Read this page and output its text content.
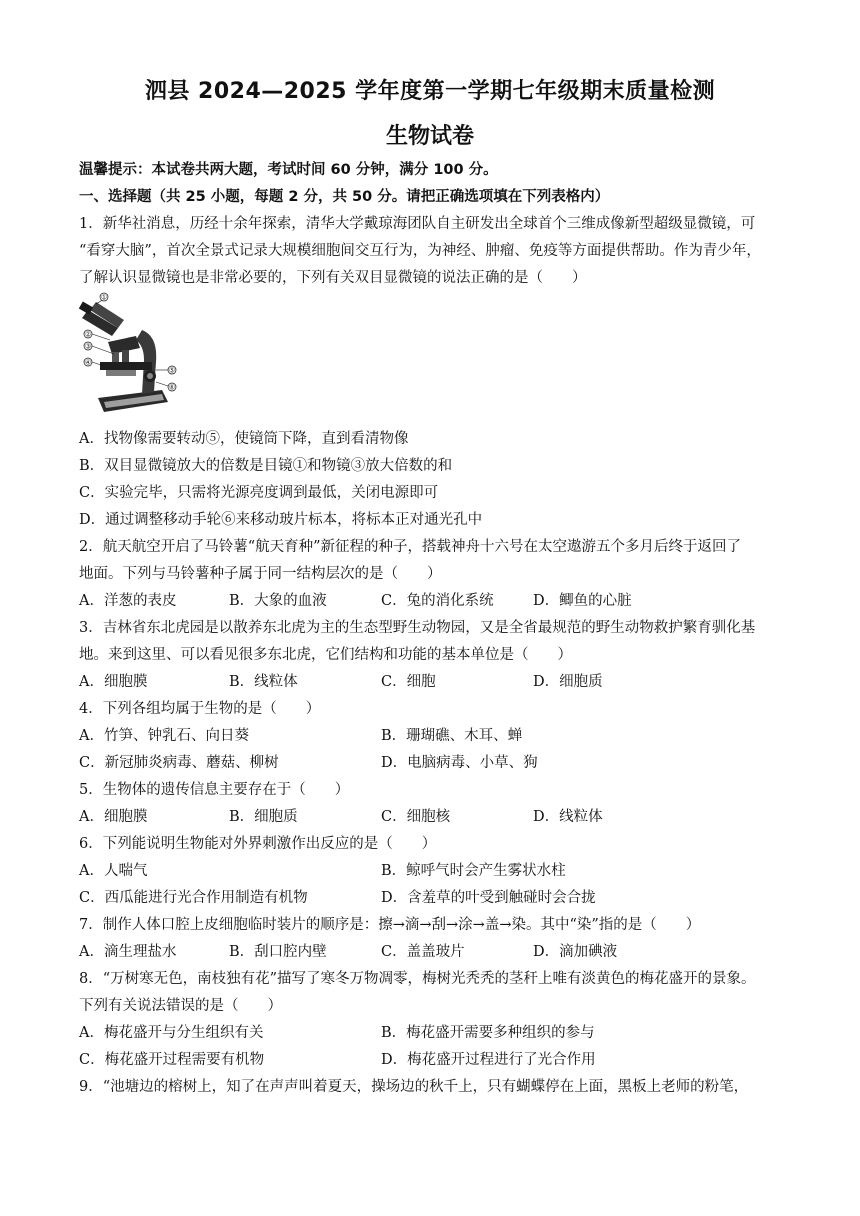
泗县 2024—2025 学年度第一学期七年级期末质量检测
生物试卷
温馨提示：本试卷共两大题，考试时间 60 分钟，满分 100 分。
一、选择题（共 25 小题，每题 2 分，共 50 分。请把正确选项填在下列表格内）
1．新华社消息，历经十余年探索，清华大学戴琼海团队自主研发出全球首个三维成像新型超级显微镜，可
“看穿大脑”，首次全景式记录大规模细胞间交互行为，为神经、肿瘤、免疫等方面提供帮助。作为青少年，
了解认识显微镜也是非常必要的，下列有关双目显微镜的说法正确的是（　　）
①
②
③
④
⑤
⑥
A．找物像需要转动⑤，使镜筒下降，直到看清物像
B．双目显微镜放大的倍数是目镜①和物镜③放大倍数的和
C．实验完毕，只需将光源亮度调到最低，关闭电源即可
D．通过调整移动手轮⑥来移动玻片标本，将标本正对通光孔中
2．航天航空开启了马铃薯“航天育种”新征程的种子，搭载神舟十六号在太空遨游五个多月后终于返回了
地面。下列与马铃薯种子属于同一结构层次的是（　　）
A．洋葱的表皮	B．大象的血液	C．兔的消化系统	D．鲫鱼的心脏
3．吉林省东北虎园是以散养东北虎为主的生态型野生动物园，又是全省最规范的野生动物救护繁育驯化基
地。来到这里、可以看见很多东北虎，它们结构和功能的基本单位是（　　）
A．细胞膜	B．线粒体	C．细胞	D．细胞质
4．下列各组均属于生物的是（　　）
A．竹笋、钟乳石、向日葵	B．珊瑚礁、木耳、蝉
C．新冠肺炎病毒、蘑菇、柳树	D．电脑病毒、小草、狗
5．生物体的遗传信息主要存在于（　　）
A．细胞膜	B．细胞质	C．细胞核	D．线粒体
6．下列能说明生物能对外界刺激作出反应的是（　　）
A．人喘气	B．鲸呼气时会产生雾状水柱
C．西瓜能进行光合作用制造有机物	D．含羞草的叶受到触碰时会合拢
7．制作人体口腔上皮细胞临时装片的顺序是：擦→滴→刮→涂→盖→染。其中“染”指的是（　　）
A．滴生理盐水	B．刮口腔内壁	C．盖盖玻片	D．滴加碘液
8．“万树寒无色，南枝独有花”描写了寒冬万物凋零，梅树光秃秃的茎秆上唯有淡黄色的梅花盛开的景象。
下列有关说法错误的是（　　）
A．梅花盛开与分生组织有关	B．梅花盛开需要多种组织的参与
C．梅花盛开过程需要有机物	D．梅花盛开过程进行了光合作用
9．“池塘边的榕树上，知了在声声叫着夏天，操场边的秋千上，只有蝴蝶停在上面，黑板上老师的粉笔，
